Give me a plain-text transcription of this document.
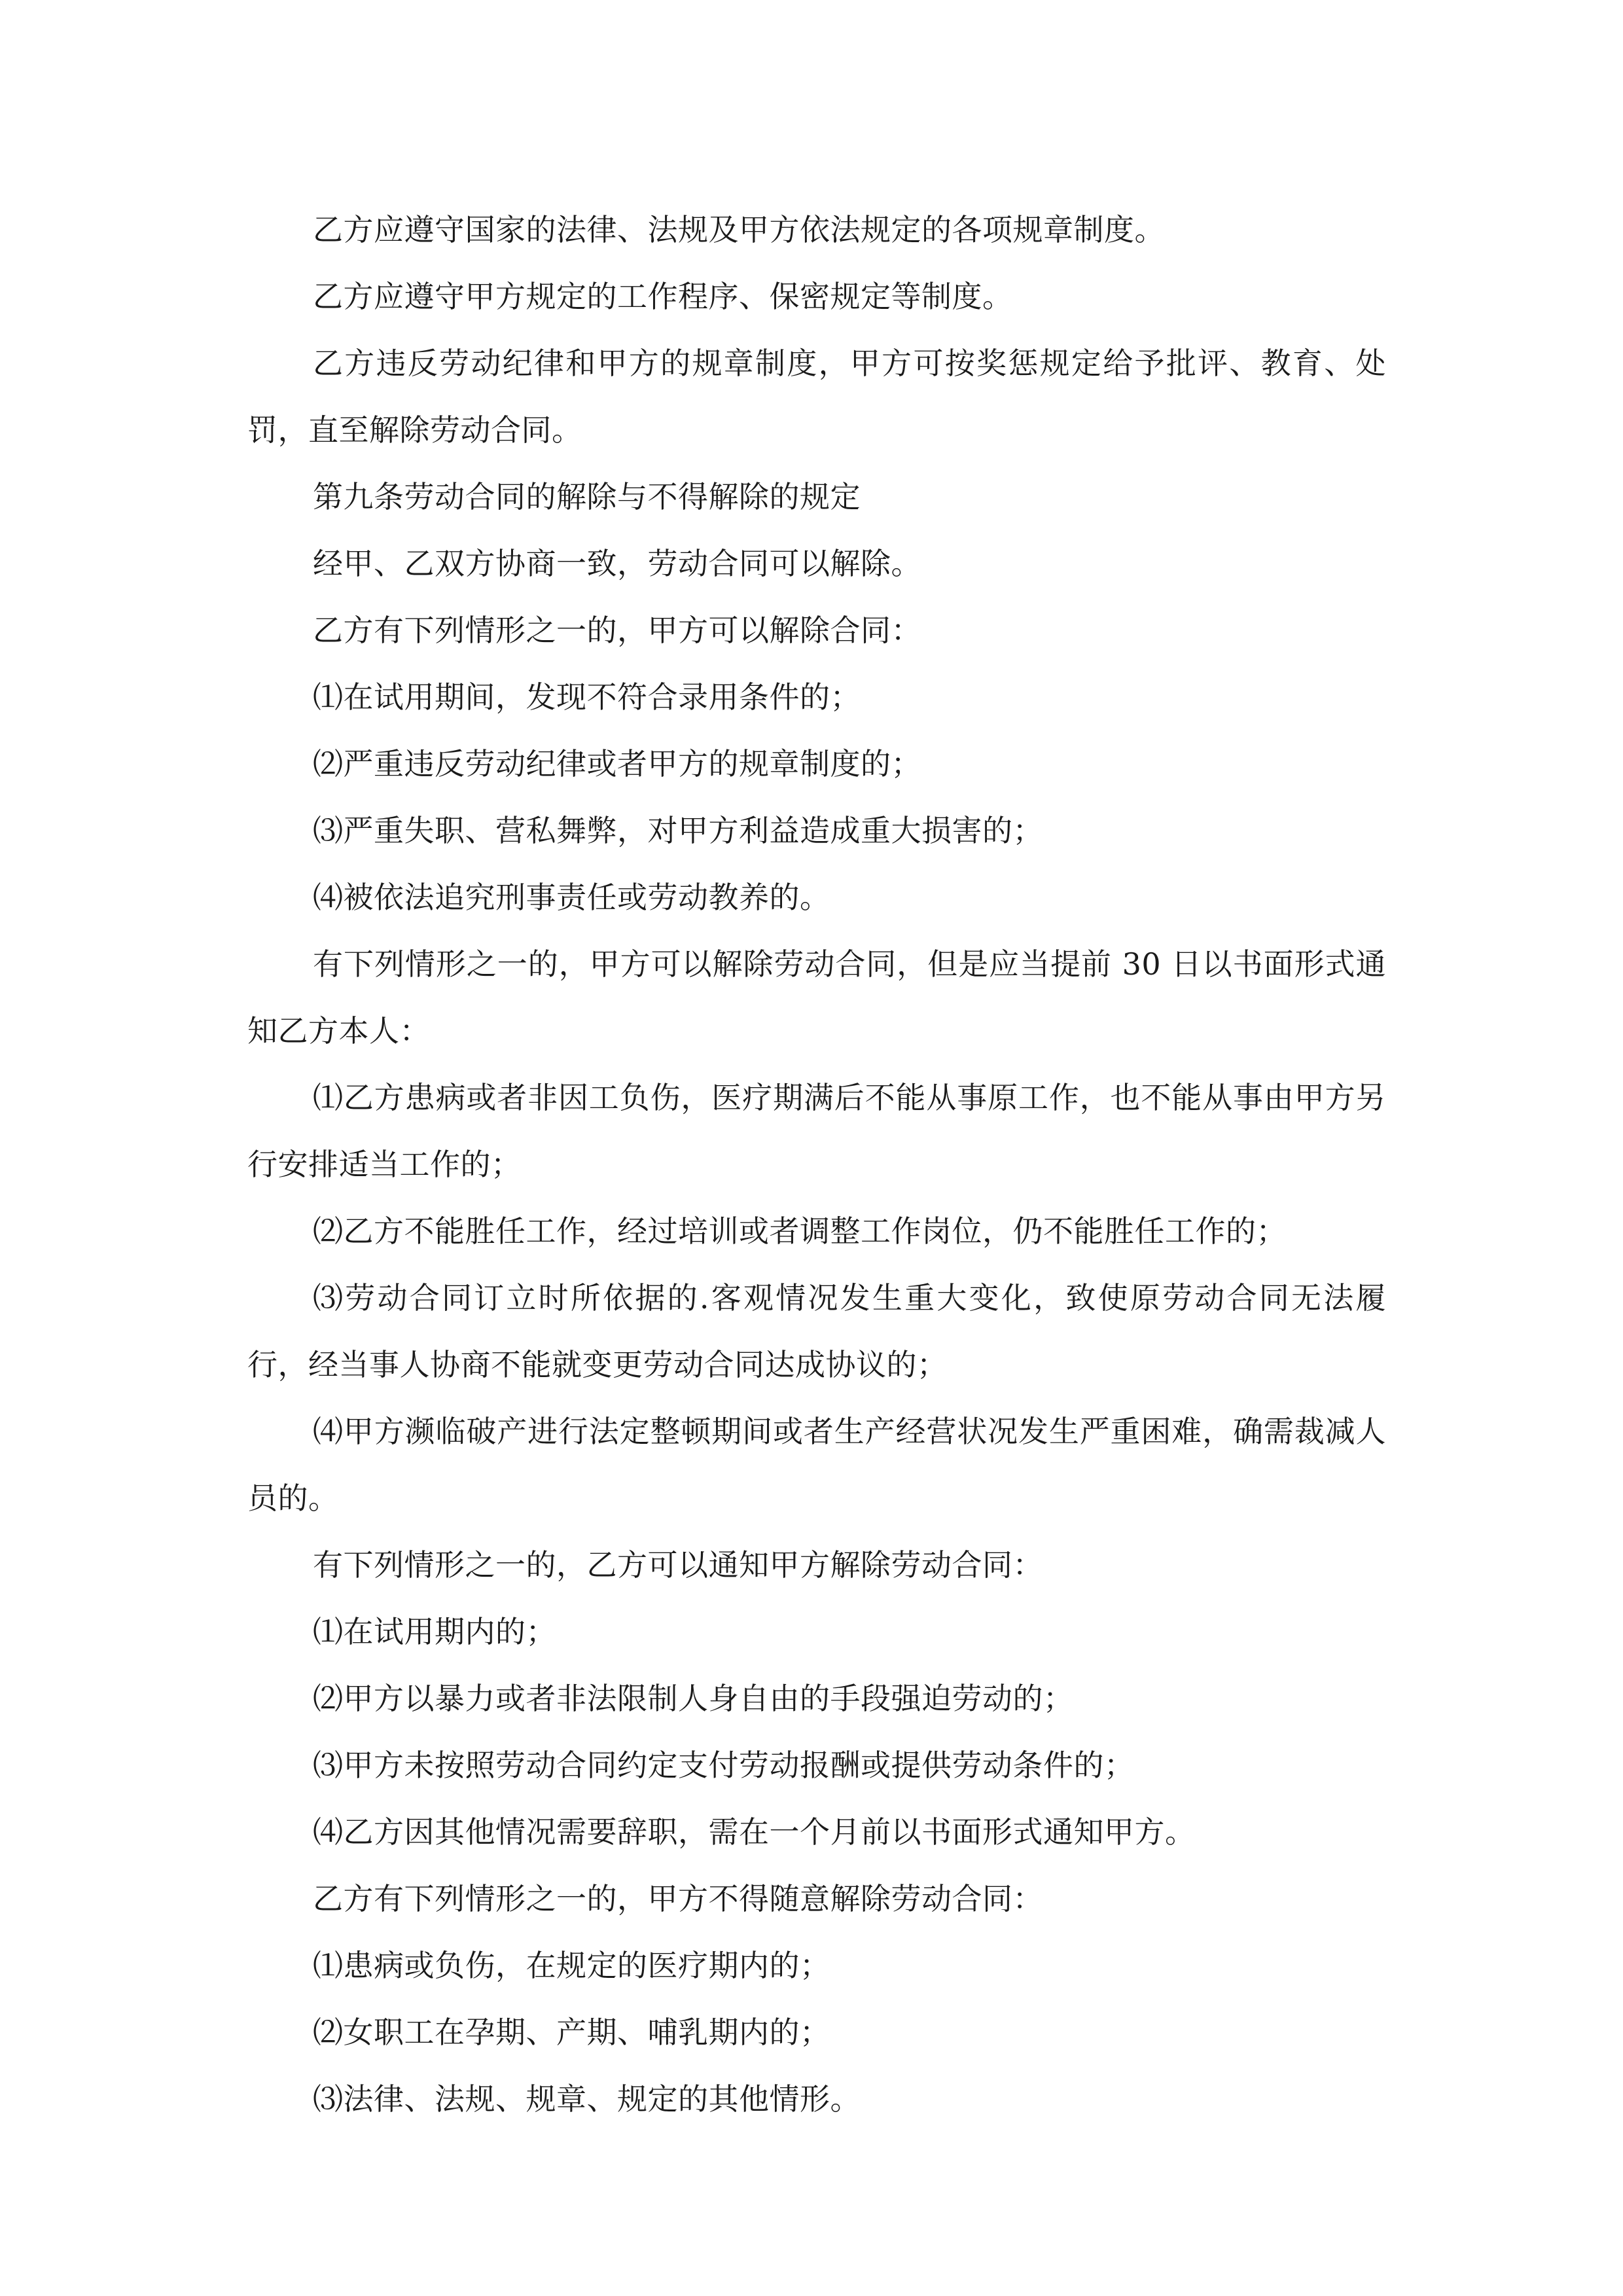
乙方应遵守国家的法律、法规及甲方依法规定的各项规章制度。

乙方应遵守甲方规定的工作程序、保密规定等制度。

乙方违反劳动纪律和甲方的规章制度，甲方可按奖惩规定给予批评、教育、处罚，直至解除劳动合同。

第九条劳动合同的解除与不得解除的规定

经甲、乙双方协商一致，劳动合同可以解除。

乙方有下列情形之一的，甲方可以解除合同：

⑴在试用期间，发现不符合录用条件的；

⑵严重违反劳动纪律或者甲方的规章制度的；

⑶严重失职、营私舞弊，对甲方利益造成重大损害的；

⑷被依法追究刑事责任或劳动教养的。

有下列情形之一的，甲方可以解除劳动合同，但是应当提前 30 日以书面形式通知乙方本人：

⑴乙方患病或者非因工负伤，医疗期满后不能从事原工作，也不能从事由甲方另行安排适当工作的；

⑵乙方不能胜任工作，经过培训或者调整工作岗位，仍不能胜任工作的；

⑶劳动合同订立时所依据的.客观情况发生重大变化，致使原劳动合同无法履行，经当事人协商不能就变更劳动合同达成协议的；

⑷甲方濒临破产进行法定整顿期间或者生产经营状况发生严重困难，确需裁减人员的。

有下列情形之一的，乙方可以通知甲方解除劳动合同：

⑴在试用期内的；

⑵甲方以暴力或者非法限制人身自由的手段强迫劳动的；

⑶甲方未按照劳动合同约定支付劳动报酬或提供劳动条件的；

⑷乙方因其他情况需要辞职，需在一个月前以书面形式通知甲方。

乙方有下列情形之一的，甲方不得随意解除劳动合同：

⑴患病或负伤，在规定的医疗期内的；

⑵女职工在孕期、产期、哺乳期内的；

⑶法律、法规、规章、规定的其他情形。
